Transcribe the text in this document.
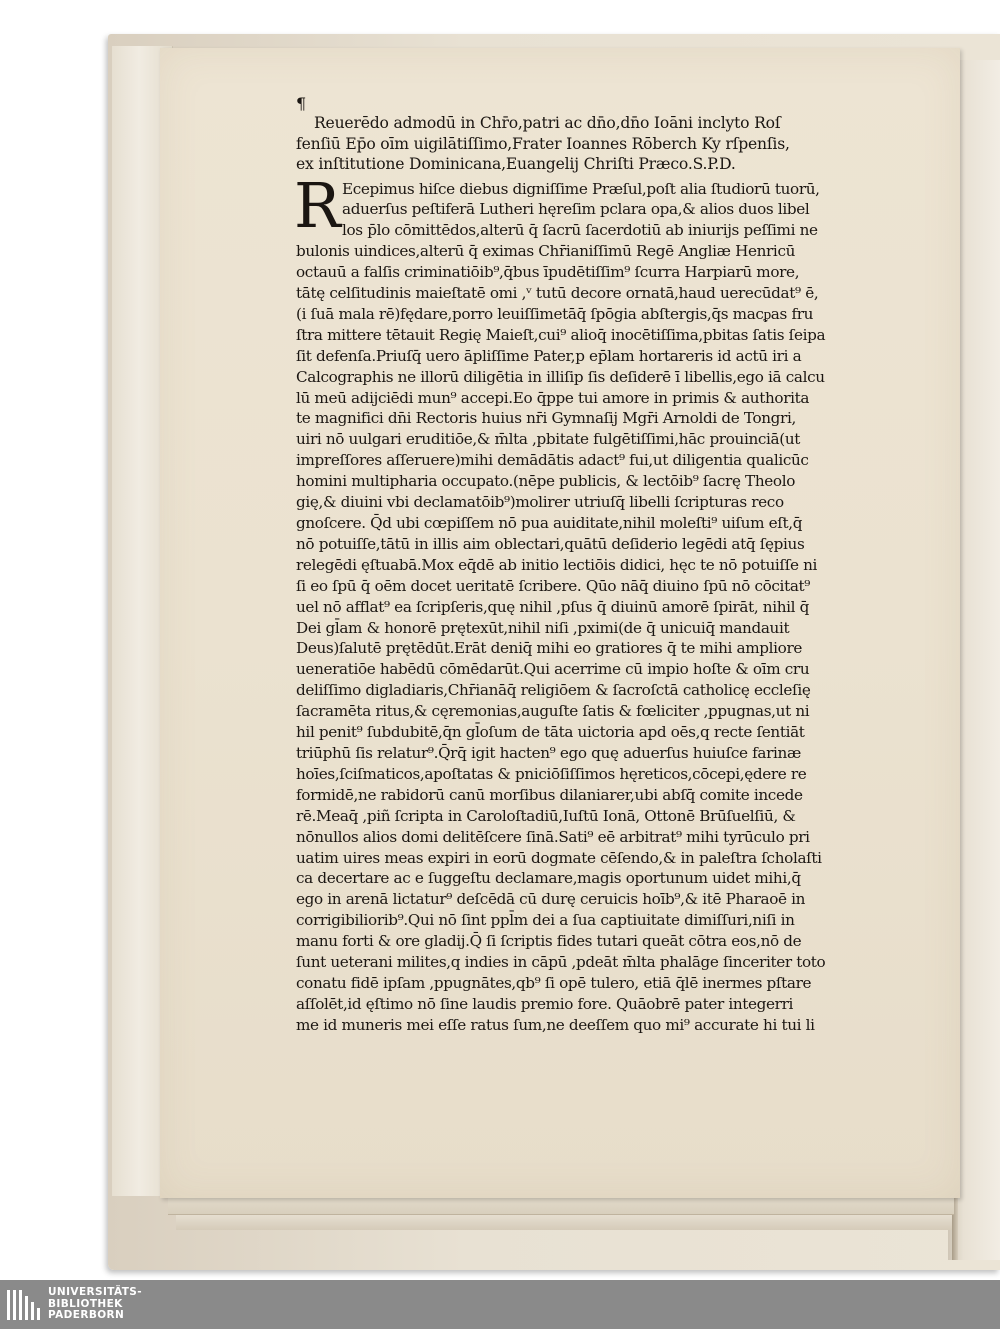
¶
Reuerēdo admodū in Chr̄o,patri ac dn̄o,dn̄o Ioāni inclyto Roſ
fenſiū Ep̄o oīm uigilātiſſimo,Frater Ioannes Rōberch Ky rſpenſis,
ex inſtitutione Dominicana,Euangelij Chriſti Præco.S.P.D.
R Ecepimus hiſce diebus digniſſime Præſul,poſt alia ſtudiorū tuorū,
aduerſus peſtiferā Lutheri hęreſim pclara opa,& alios duos libel
los p̄lo cōmittēdos,alterū q̄ ſacrū ſacerdotiū ab iniurijs peſſimi ne
bulonis uindices,alterū q̄ eximas Chr̄ianiſſimū Regē Angliæ Henricū
octauū a falſis criminatiōib⁹,q̄bus īpudētiſſim⁹ ſcurra Harpiarū more,
tātę celſitudinis maieſtatē omi ,ᵛ tutū decore ornatā,haud uerecūdat⁹ ē,
(i ſuā mala rē)fędare,porro leuiſſimetāq̄ ſpōgia abſtergis,q̄s macᵱas fru
ſtra mittere tētauit Regię Maieſt,cui⁹ alioq̄ inocētiſſima,pbitas ſatis ſeipa
ſit defenſa.Priuſq̄ uero āpliſſime Pater,p ep̄lam hortareris id actū iri a
Calcographis ne illorū diligētia in illiſip ſis deſiderē ī libellis,ego iā calcu
lū meū adijciēdi mun⁹ accepi.Eo q̄ppe tui amore in primis & authorita
te magnifici dn̄i Rectoris huius nr̄i Gymnaſij Mgr̄i Arnoldi de Tongri,
uiri nō uulgari eruditiōe,& m̄lta ,pbitate fulgētiſſimi,hāc prouinciā(ut
impreſſores aſſeruere)mihi demādātis adact⁹ fui,ut diligentia qualicūc
homini multipharia occupato.(nēpe publicis, & lectōib⁹ ſacrę Theolo
gię,& diuini vbi declamatōib⁹)molirer utriuſq̄ libelli ſcripturas reco
gnoſcere. Q̄d ubi cœpiſſem nō pua auiditate,nihil moleſti⁹ uiſum eſt,q̄
nō potuiſſe,tātū in illis aim oblectari,quātū deſiderio legēdi atq̄ ſępius
relegēdi ęſtuabā.Mox eq̄dē ab initio lectiōis didici, hęc te nō potuiſſe ni
ſi eo ſpū q̄ oēm docet ueritatē ſcribere. Qūo nāq̄ diuino ſpū nō cōcitat⁹
uel nō afflat⁹ ea ſcripſeris,quę nihil ,pſus q̄ diuinū amorē ſpirāt, nihil q̄
Dei gl̄am & honorē prętexūt,nihil niſi ,pximi(de q̄ unicuiq̄ mandauit
Deus)ſalutē prętēdūt.Erāt deniq̄ mihi eo gratiores q̄ te mihi ampliore
ueneratiōe habēdū cōmēdarūt.Qui acerrime cū impio hoſte & oīm cru
deliſſimo digladiaris,Chr̄ianāq̄ religiōem & ſacroſctā catholicę eccleſię
ſacramēta ritus,& cęremonias,auguſte ſatis & fœliciter ,ppugnas,ut ni
hil penit⁹ ſubdubitē,q̄n gl̄oſum de tāta uictoria apd oēs,q recte ſentiāt
triūphū ſis relatur⁹.Q̄rq̄ igit hacten⁹ ego quę aduerſus huiuſce farinæ
hoīes,ſciſmaticos,apoſtatas & pniciōſiſſimos hęreticos,cōcepi,ędere re
formidē,ne rabidorū canū morſibus dilaniarer,ubi abſq̄ comite incede
rē.Meaq̄ ,piñ ſcripta in Caroloſtadiū,Iuſtū Ionā, Ottonē Brūſuelſiū, &
nōnullos alios domi delitēſcere ſinā.Sati⁹ eē arbitrat⁹ mihi tyrūculo pri
uatim uires meas expiri in eorū dogmate cēſendo,& in paleſtra ſcholaſti
ca decertare ac e ſuggeſtu declamare,magis oportunum uidet mihi,q̄
ego in arenā lictatur⁹ deſcēdā cū durę ceruicis hoīb⁹,& itē Pharaoē in
corrigibiliorib⁹.Qui nō ſint ppl̄m dei a ſua captiuitate dimiſſuri,niſi in
manu forti & ore gladij.Q̄ ſi ſcriptis fides tutari queāt cōtra eos,nō de
ſunt ueterani milites,q indies in cāpū ,pdeāt m̄lta phalāge ſinceriter toto
conatu fidē ipſam ,ppugnātes,qb⁹ ſi opē tulero, etiā q̄lē inermes pſtare
aſſolēt,id ęſtimo nō ſine laudis premio fore. Quāobrē pater integerri
me id muneris mei eſſe ratus ſum,ne deeſſem quo mi⁹ accurate hi tui li
UNIVERSITÄTS-
BIBLIOTHEK
PADERBORN
